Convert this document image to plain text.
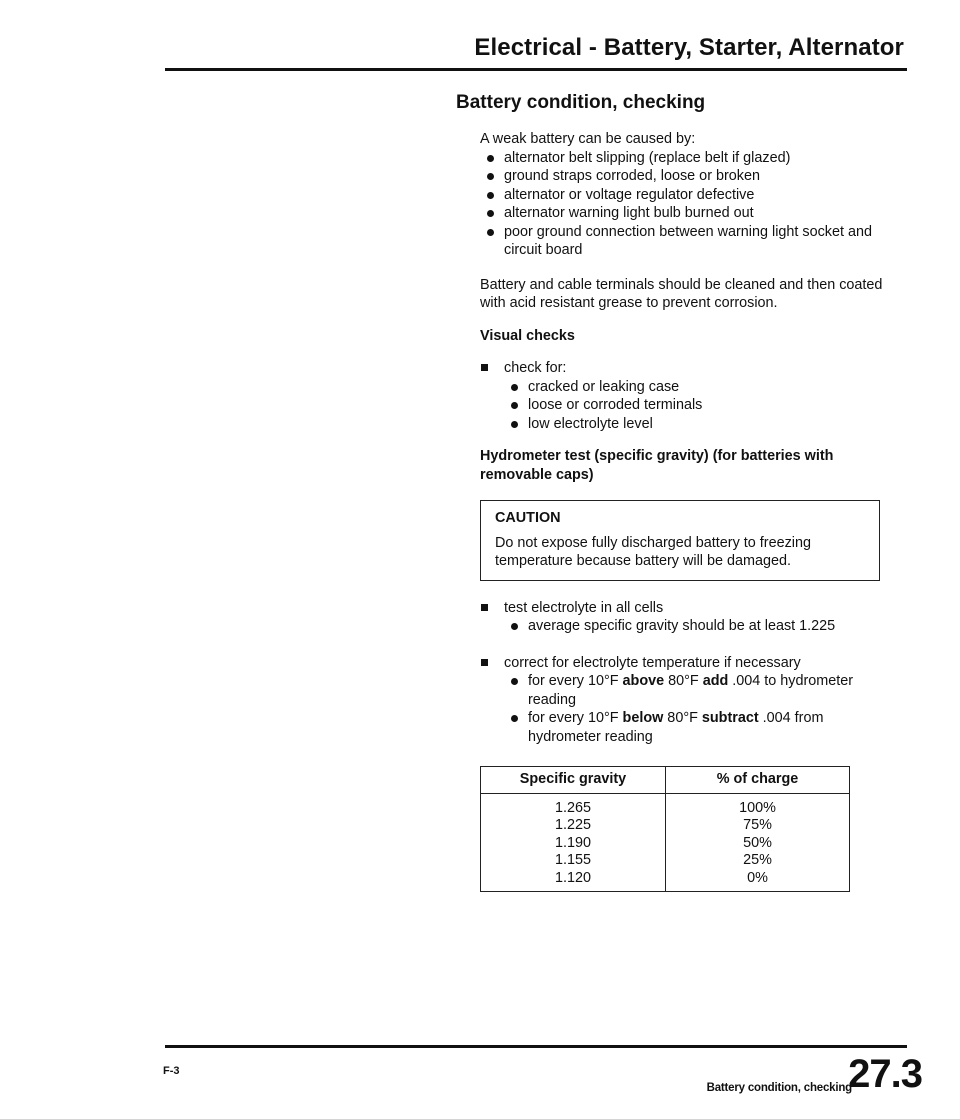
Electrical - Battery, Starter, Alternator
Battery condition, checking

A weak battery can be caused by:

alternator belt slipping (replace belt if glazed)
ground straps corroded, loose or broken
alternator or voltage regulator defective
alternator warning light bulb burned out
poor ground connection between warning light socket and circuit board

Battery and cable terminals should be cleaned and then coated with acid resistant grease to prevent corrosion.

Visual checks

check for:
cracked or leaking case
loose or corroded terminals
low electrolyte level

Hydrometer test (specific gravity) (for batteries with removable caps)

CAUTION
Do not expose fully discharged battery to freezing temperature because battery will be damaged.
test electrolyte in all cells
average specific gravity should be at least 1.225
correct for electrolyte temperature if necessary
for every 10°F above 80°F add .004 to hydrometer reading
for every 10°F below 80°F subtract .004 from hydrometer reading
Specific gravity	% of charge
1.265	100%
1.225	75%
1.190	50%
1.155	25%
1.120	0%
F-3
Battery condition, checking
27.3
